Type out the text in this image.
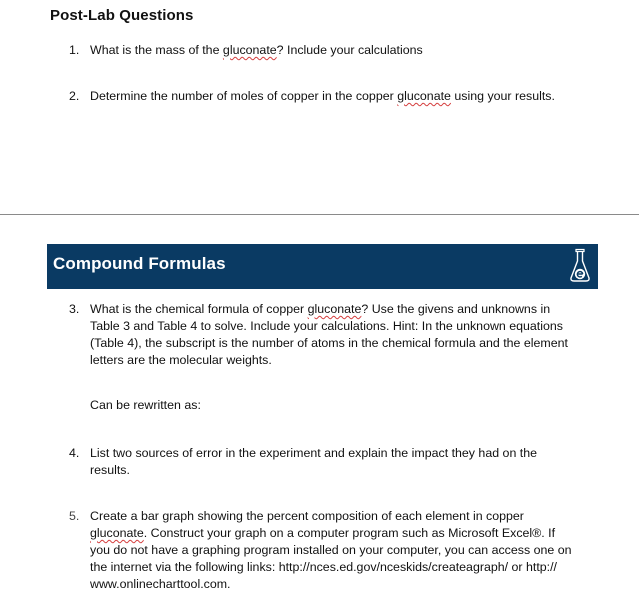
Post-Lab Questions
1. What is the mass of the gluconate? Include your calculations
2. Determine the number of moles of copper in the copper gluconate using your results.
Compound Formulas
3. What is the chemical formula of copper gluconate? Use the givens and unknowns in
Table 3 and Table 4 to solve. Include your calculations. Hint: In the unknown equations
(Table 4), the subscript is the number of atoms in the chemical formula and the element
letters are the molecular weights.
Can be rewritten as:
4. List two sources of error in the experiment and explain the impact they had on the
results.
5. Create a bar graph showing the percent composition of each element in copper
gluconate. Construct your graph on a computer program such as Microsoft Excel®. If
you do not have a graphing program installed on your computer, you can access one on
the internet via the following links: http://nces.ed.gov/nceskids/createagraph/ or http://
www.onlinecharttool.com.
